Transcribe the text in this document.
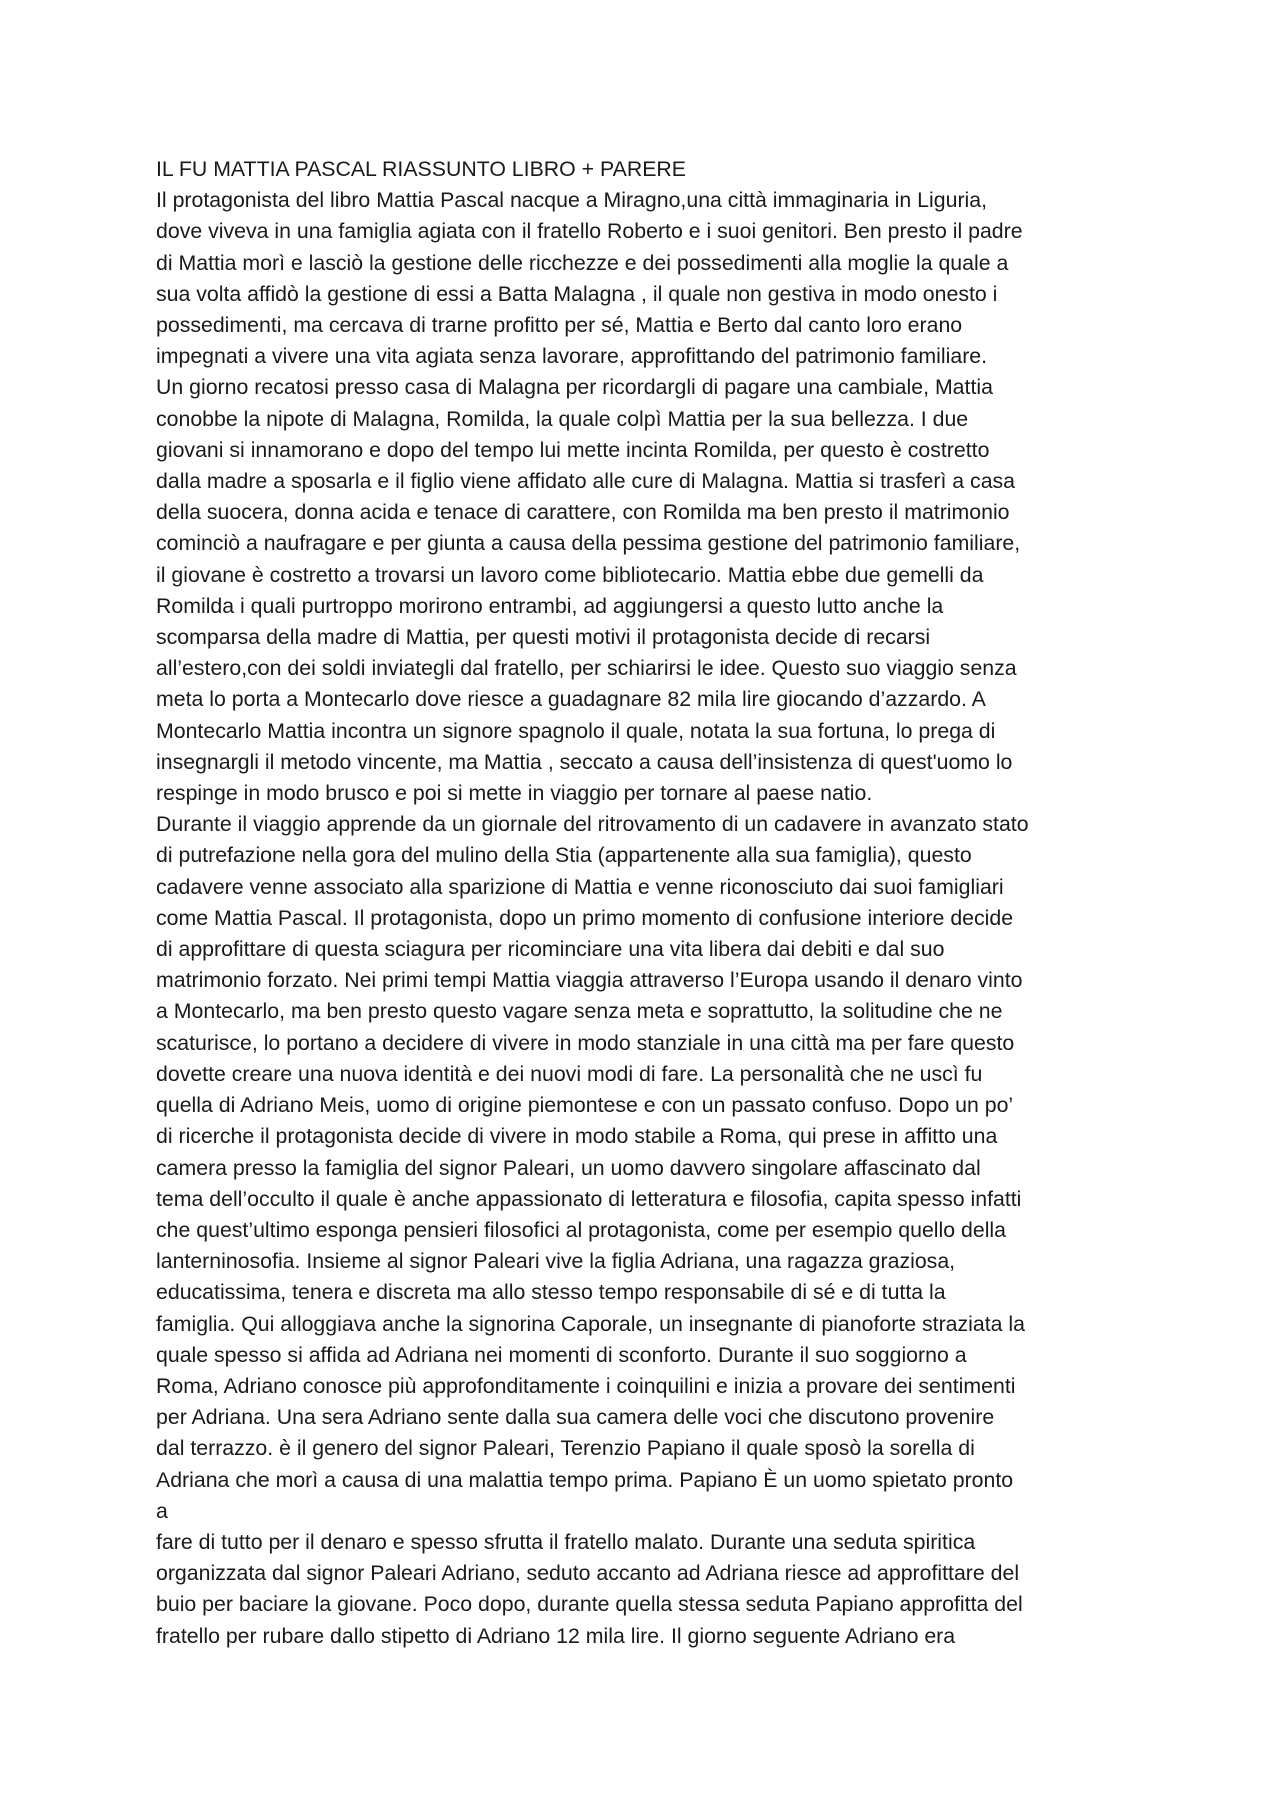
IL FU MATTIA PASCAL RIASSUNTO LIBRO + PARERE
Il protagonista del libro Mattia Pascal nacque a Miragno,una città immaginaria in Liguria,
dove viveva in una famiglia agiata con il fratello Roberto e i suoi genitori. Ben presto il padre
di Mattia morì e lasciò la gestione delle ricchezze e dei possedimenti alla moglie la quale a
sua volta affidò la gestione di essi a Batta Malagna , il quale non gestiva in modo onesto i
possedimenti, ma cercava di trarne profitto per sé, Mattia e Berto dal canto loro erano
impegnati a vivere una vita agiata senza lavorare, approfittando del patrimonio familiare.
Un giorno recatosi presso casa di Malagna per ricordargli di pagare una cambiale, Mattia
conobbe la nipote di Malagna, Romilda, la quale colpì Mattia per la sua bellezza. I due
giovani si innamorano e dopo del tempo lui mette incinta Romilda, per questo è costretto
dalla madre a sposarla e il figlio viene affidato alle cure di Malagna. Mattia si trasferì a casa
della suocera, donna acida e tenace di carattere, con Romilda ma ben presto il matrimonio
cominciò a naufragare e per giunta a causa della pessima gestione del patrimonio familiare,
il giovane è costretto a trovarsi un lavoro come bibliotecario. Mattia ebbe due gemelli da
Romilda i quali purtroppo morirono entrambi, ad aggiungersi a questo lutto anche la
scomparsa della madre di Mattia, per questi motivi il protagonista decide di recarsi
all’estero,con dei soldi inviategli dal fratello, per schiarirsi le idee. Questo suo viaggio senza
meta lo porta a Montecarlo dove riesce a guadagnare 82 mila lire giocando d’azzardo. A
Montecarlo Mattia incontra un signore spagnolo il quale, notata la sua fortuna, lo prega di
insegnargli il metodo vincente, ma Mattia , seccato a causa dell’insistenza di quest'uomo lo
respinge in modo brusco e poi si mette in viaggio per tornare al paese natio.
Durante il viaggio apprende da un giornale del ritrovamento di un cadavere in avanzato stato
di putrefazione nella gora del mulino della Stia (appartenente alla sua famiglia), questo
cadavere venne associato alla sparizione di Mattia e venne riconosciuto dai suoi famigliari
come Mattia Pascal. Il protagonista, dopo un primo momento di confusione interiore decide
di approfittare di questa sciagura per ricominciare una vita libera dai debiti e dal suo
matrimonio forzato. Nei primi tempi Mattia viaggia attraverso l’Europa usando il denaro vinto
a Montecarlo, ma ben presto questo vagare senza meta e soprattutto, la solitudine che ne
scaturisce, lo portano a decidere di vivere in modo stanziale in una città ma per fare questo
dovette creare una nuova identità e dei nuovi modi di fare. La personalità che ne uscì fu
quella di Adriano Meis, uomo di origine piemontese e con un passato confuso. Dopo un po’
di ricerche il protagonista decide di vivere in modo stabile a Roma, qui prese in affitto una
camera presso la famiglia del signor Paleari, un uomo davvero singolare affascinato dal
tema dell’occulto il quale è anche appassionato di letteratura e filosofia, capita spesso infatti
che quest’ultimo esponga pensieri filosofici al protagonista, come per esempio quello della
lanterninosofia. Insieme al signor Paleari vive la figlia Adriana, una ragazza graziosa,
educatissima, tenera e discreta ma allo stesso tempo responsabile di sé e di tutta la
famiglia. Qui alloggiava anche la signorina Caporale, un insegnante di pianoforte straziata la
quale spesso si affida ad Adriana nei momenti di sconforto. Durante il suo soggiorno a
Roma, Adriano conosce più approfonditamente i coinquilini e inizia a provare dei sentimenti
per Adriana. Una sera Adriano sente dalla sua camera delle voci che discutono provenire
dal terrazzo. è il genero del signor Paleari, Terenzio Papiano il quale sposò la sorella di
Adriana che morì a causa di una malattia tempo prima. Papiano È un uomo spietato pronto
a
fare di tutto per il denaro e spesso sfrutta il fratello malato. Durante una seduta spiritica
organizzata dal signor Paleari Adriano, seduto accanto ad Adriana riesce ad approfittare del
buio per baciare la giovane. Poco dopo, durante quella stessa seduta Papiano approfitta del
fratello per rubare dallo stipetto di Adriano 12 mila lire. Il giorno seguente Adriano era
